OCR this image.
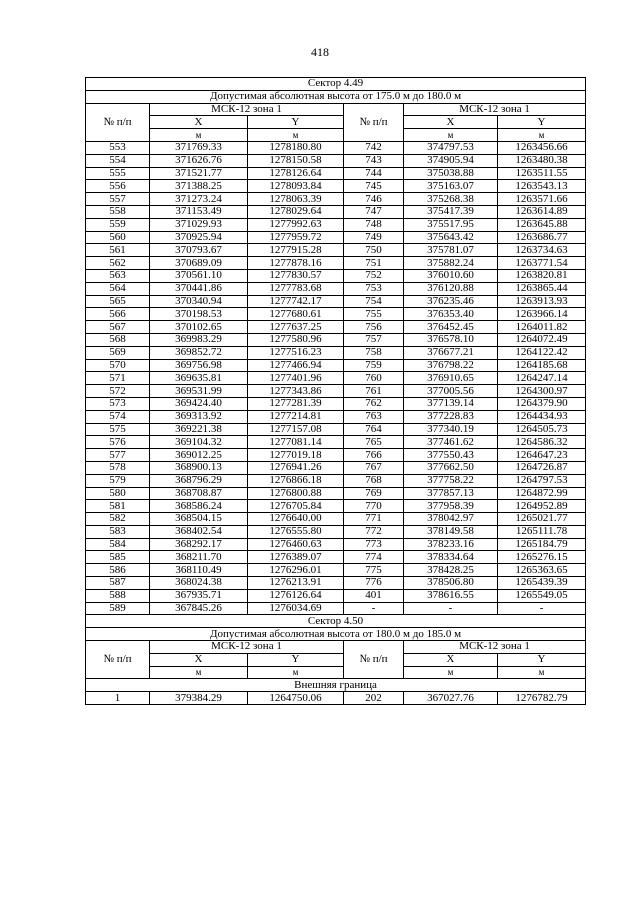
418
Сектор 4.49					
Допустимая абсолютная высота от 175.0 м до 180.0 м					
№ п/п	МСК-12 зона 1		№ п/п	МСК-12 зона 1	
	X	Y		X	Y
	м	м		м	м
553	371769.33	1278180.80	742	374797.53	1263456.66
554	371626.76	1278150.58	743	374905.94	1263480.38
555	371521.77	1278126.64	744	375038.88	1263511.55
556	371388.25	1278093.84	745	375163.07	1263543.13
557	371273.24	1278063.39	746	375268.38	1263571.66
558	371153.49	1278029.64	747	375417.39	1263614.89
559	371029.93	1277992.63	748	375517.95	1263645.88
560	370925.94	1277959.72	749	375643.42	1263686.77
561	370793.67	1277915.28	750	375781.07	1263734.63
562	370689.09	1277878.16	751	375882.24	1263771.54
563	370561.10	1277830.57	752	376010.60	1263820.81
564	370441.86	1277783.68	753	376120.88	1263865.44
565	370340.94	1277742.17	754	376235.46	1263913.93
566	370198.53	1277680.61	755	376353.40	1263966.14
567	370102.65	1277637.25	756	376452.45	1264011.82
568	369983.29	1277580.96	757	376578.10	1264072.49
569	369852.72	1277516.23	758	376677.21	1264122.42
570	369756.98	1277466.94	759	376798.22	1264185.68
571	369635.81	1277401.96	760	376910.65	1264247.14
572	369531.99	1277343.86	761	377005.56	1264300.97
573	369424.40	1277281.39	762	377139.14	1264379.90
574	369313.92	1277214.81	763	377228.83	1264434.93
575	369221.38	1277157.08	764	377340.19	1264505.73
576	369104.32	1277081.14	765	377461.62	1264586.32
577	369012.25	1277019.18	766	377550.43	1264647.23
578	368900.13	1276941.26	767	377662.50	1264726.87
579	368796.29	1276866.18	768	377758.22	1264797.53
580	368708.87	1276800.88	769	377857.13	1264872.99
581	368586.24	1276705.84	770	377958.39	1264952.89
582	368504.15	1276640.00	771	378042.97	1265021.77
583	368402.54	1276555.80	772	378149.58	1265111.78
584	368292.17	1276460.63	773	378233.16	1265184.79
585	368211.70	1276389.07	774	378334.64	1265276.15
586	368110.49	1276296.01	775	378428.25	1265363.65
587	368024.38	1276213.91	776	378506.80	1265439.39
588	367935.71	1276126.64	401	378616.55	1265549.05
589	367845.26	1276034.69	-	-	-
Сектор 4.50					
Допустимая абсолютная высота от 180.0 м до 185.0 м					
№ п/п	МСК-12 зона 1		№ п/п	МСК-12 зона 1	
	X	Y		X	Y
	м	м		м	м
Внешняя граница					
1	379384.29	1264750.06	202	367027.76	1276782.79
